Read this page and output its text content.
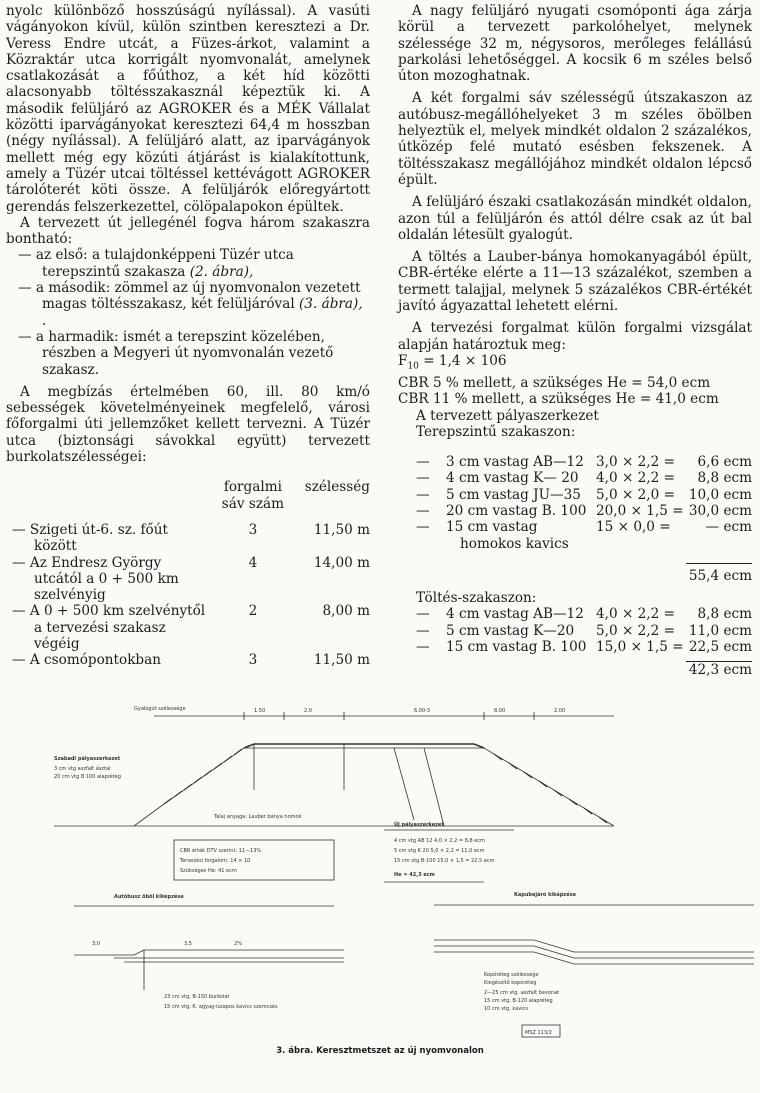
nyolc különböző hosszúságú nyílással). A vasúti vágányokon kívül, külön szintben keresztezi a Dr. Veress Endre utcát, a Füzes-árkot, valamint a Közraktár utca korrigált nyomvonalát, amelynek csatlakozását a főúthoz, a két híd közötti alacsonyabb töltésszakasznál képeztük ki. A második felüljáró az AGROKER és a MÉK Vállalat közötti iparvágányokat keresztezi 64,4 m hosszban (négy nyílással). A felüljáró alatt, az iparvágányok mellett még egy közúti átjárást is kialakítottunk, amely a Tüzér utcai töltéssel kettévágott AGROKER tárolóterét köti össze. A felüljárók előregyártott gerendás felszerkezettel, cölöpalapokon épültek.

A tervezett út jellegénél fogva három szakaszra bontható:

— az első: a tulajdonképpeni Tüzér utca terepszintű szakasza (2. ábra),
— a második: zömmel az új nyomvonalon vezetett magas töltésszakasz, két felüljáróval (3. ábra), .
— a harmadik: ismét a terepszint közelében, részben a Megyeri út nyomvonalán vezető szakasz.

A megbízás értelmében 60, ill. 80 km/ó sebességek követelményeinek megfelelő, városi főforgalmi úti jellemzőket kellett tervezni. A Tüzér utca (biztonsági sávokkal együtt) tervezett burkolatszélességei:

	forgalmi sáv szám	szélesség

— Szigeti út-6. sz. főút között	3	11,50 m
— Az Endresz György utcától a 0 + 500 km szelvényig	4	14,00 m
— A 0 + 500 km szelvénytől a tervezési szakasz végéig	2	8,00 m
— A csomópontokban	3	11,50 m

A nagy felüljáró nyugati csomóponti ága zárja körül a tervezett parkolóhelyet, melynek szélessége 32 m, négysoros, merőleges felállású parkolási lehetőséggel. A kocsik 6 m széles belső úton mozoghatnak.

A két forgalmi sáv szélességű útszakaszon az autóbusz-megállóhelyeket 3 m széles öbölben helyeztük el, melyek mindkét oldalon 2 százalékos, útközép felé mutató esésben fekszenek. A töltésszakasz megállójához mindkét oldalon lépcső épült.

A felüljáró északi csatlakozásán mindkét oldalon, azon túl a felüljárón és attól délre csak az út bal oldalán létesült gyalogút.

A töltés a Lauber-bánya homokanyagából épült, CBR-értéke elérte a 11—13 százalékot, szemben a termett talajjal, melynek 5 százalékos CBR-értékét javító ágyazattal lehetett elérni.

A tervezési forgalmat külön forgalmi vizsgálat alapján határoztuk meg:

$F_{10} = 1,4 \times 106$
CBR 5 % mellett, a szükséges He = 54,0 ecm
CBR 11 % mellett, a szükséges He = 41,0 ecm
A tervezett pályaszerkezet
Terepszintű szakaszon:
—	3 cm vastag AB—12	3,0 × 2,2 =	6,6 ecm
—	4 cm vastag K— 20	4,0 × 2,2 =	8,8 ecm
—	5 cm vastag JU—35	5,0 × 2,0 =	10,0 ecm
—	20 cm vastag B. 100	20,0 × 1,5 =	30,0 ecm
—	15 cm vastag	15 × 0,0 =	— ecm
	homokos kavics		

			55,4 ecm
Töltés-szakaszon:
—	4 cm vastag AB—12	4,0 × 2,2 =	8,8 ecm
—	5 cm vastag K—20	5,0 × 2,2 =	11,0 ecm
—	15 cm vastag B. 100	15,0 × 1,5 =	22,5 ecm

			42,3 ecm
Gyalogút szélessége	1,50	2,0	6,00-3	8,00	2,00
Szabadi pályaszerkezet
3 cm vtg aszfalt ásztal
20 cm vtg B 100 alapréteg
Talaj anyaga: Lauber bánya homok
Új pályaszerkezet
4 cm vtg AB 12 4,0 × 2,2 = 8,8 ecm
5 cm vtg K 20 5,0 × 2,2 = 11,0 ecm
15 cm vtg B-100 15,0 × 1,5 = 22,5 ecm
He = 42,3 ecm
CBR érték DTV szerint: 11—13%
Tervezési forgalom: 14 × 10
Szükséges He: 41 ecm
Autóbusz öböl kiképzése
3,0	3,5	2%
23 cm vtg. B-150 burkolat
15 cm vtg. K. agyag-iszapos kavics szemcsés
Kapubejáró kiképzése
Kopóréteg szélessége
Kiegészítő kopóréteg
2—25 cm vtg. aszfalt bevonat
15 cm vtg. B-120 alapréteg
10 cm vtg. kavics
MSZ 113/2
3. ábra. Keresztmetszet az új nyomvonalon
